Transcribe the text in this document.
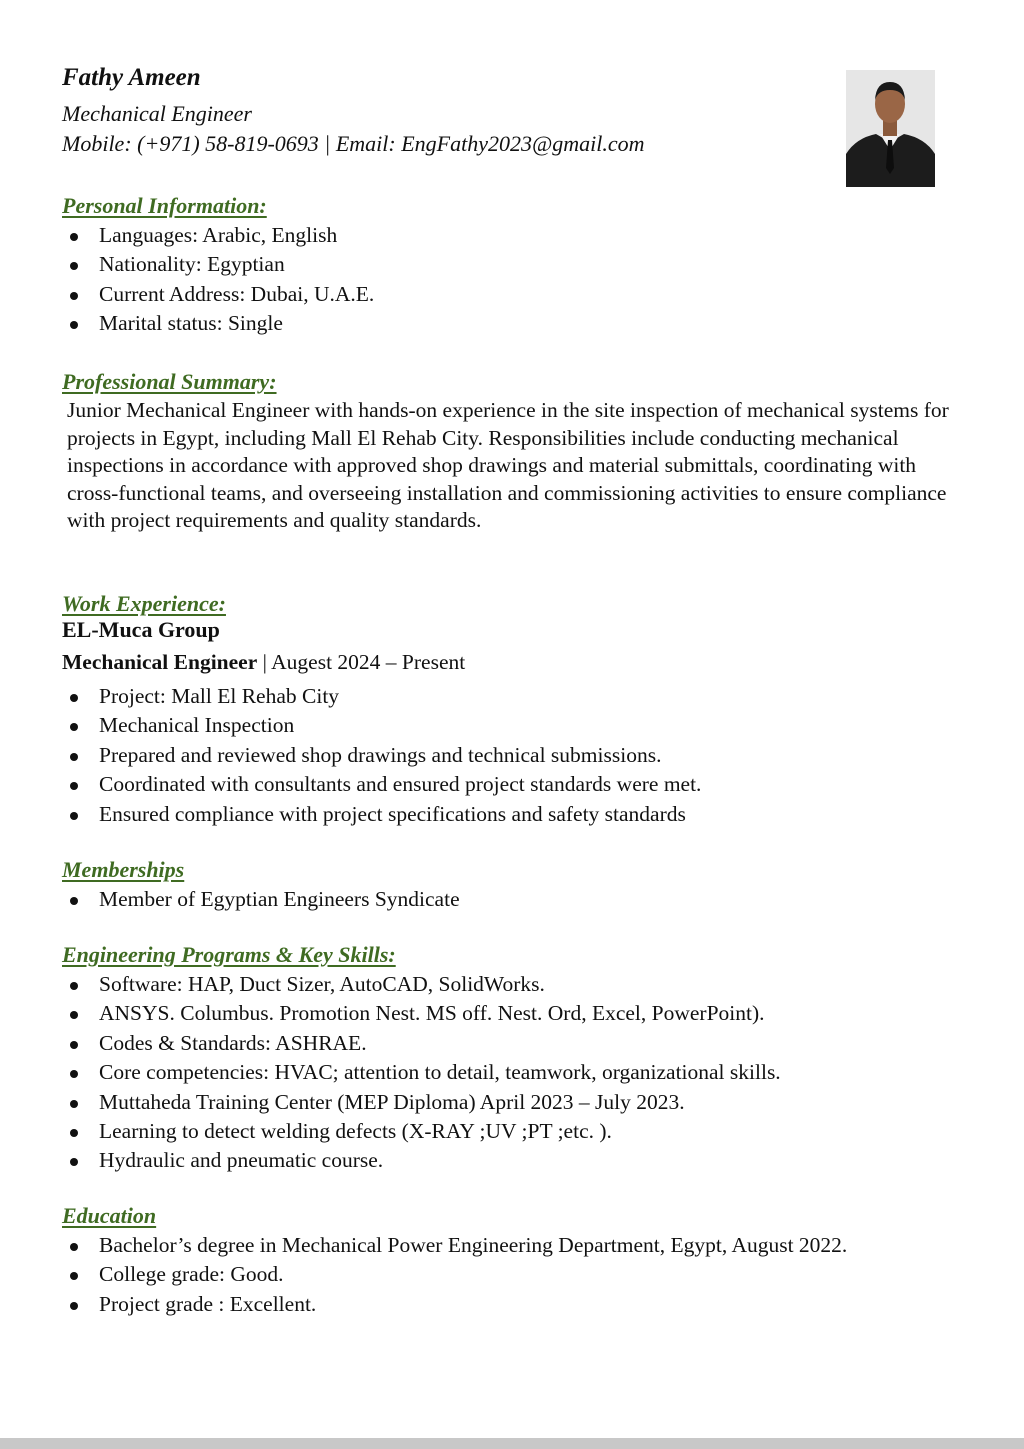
Fathy Ameen
Mechanical Engineer
Mobile: (+971) 58-819-0693 | Email: EngFathy2023@gmail.com
Personal Information:
Languages: Arabic, English
Nationality: Egyptian
Current Address: Dubai, U.A.E.
Marital status: Single
Professional Summary:

Junior Mechanical Engineer with hands-on experience in the site inspection of mechanical systems for projects in Egypt, including Mall El Rehab City. Responsibilities include conducting mechanical inspections in accordance with approved shop drawings and material submittals, coordinating with cross-functional teams, and overseeing installation and commissioning activities to ensure compliance with project requirements and quality standards.

Work Experience:
EL-Muca Group
Mechanical Engineer | Augest 2024 – Present
Project: Mall El Rehab City
Mechanical Inspection
Prepared and reviewed shop drawings and technical submissions.
Coordinated with consultants and ensured project standards were met.
Ensured compliance with project specifications and safety standards
Memberships
Member of Egyptian Engineers Syndicate
Engineering Programs & Key Skills:
Software: HAP, Duct Sizer, AutoCAD, SolidWorks.
ANSYS. Columbus. Promotion Nest. MS off. Nest. Ord, Excel, PowerPoint).
Codes & Standards: ASHRAE.
Core competencies: HVAC; attention to detail, teamwork, organizational skills.
Muttaheda Training Center (MEP Diploma) April 2023 – July 2023.
Learning to detect welding defects (X-RAY ;UV ;PT ;etc. ).
Hydraulic and pneumatic course.
Education
Bachelor’s degree in Mechanical Power Engineering Department, Egypt, August 2022.
College grade: Good.
Project grade : Excellent.
